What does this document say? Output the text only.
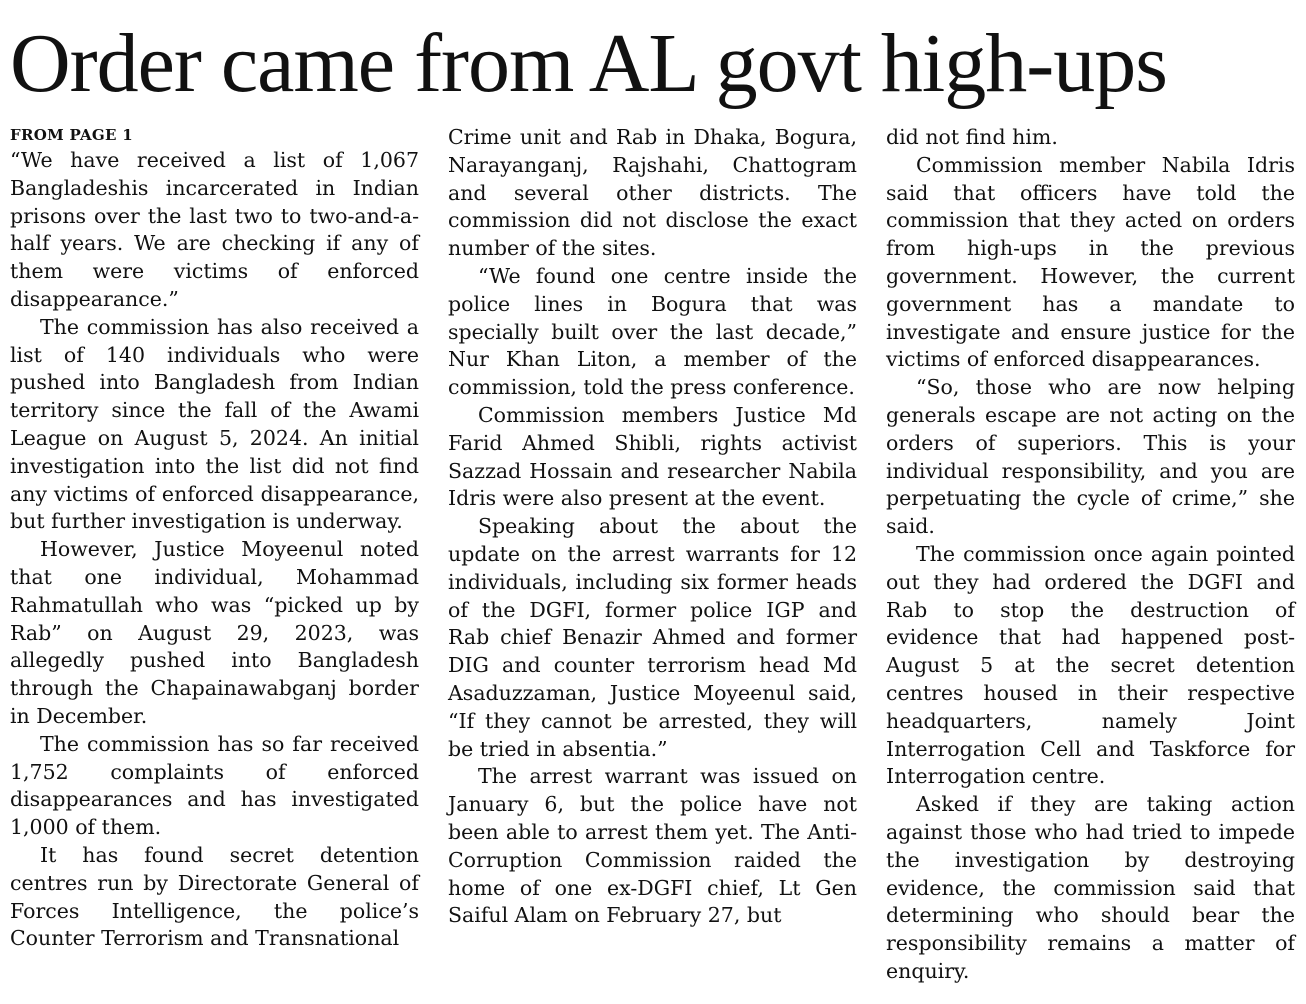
Order came from AL govt high-ups
FROM PAGE 1

“We have received a list of 1,067 Bangladeshis incarcerated in Indian prisons over the last two to two-and-a-half years. We are checking if any of them were victims of enforced disappearance.”

The commission has also received a list of 140 individuals who were pushed into Bangladesh from Indian territory since the fall of the Awami League on August 5, 2024. An initial investigation into the list did not find any victims of enforced disappearance, but further investigation is underway.

However, Justice Moyeenul noted that one individual, Mohammad Rahmatullah who was “picked up by Rab” on August 29, 2023, was allegedly pushed into Bangladesh through the Chapainawabganj border in December.

The commission has so far received 1,752 complaints of enforced disappearances and has investigated 1,000 of them.

It has found secret detention centres run by Directorate General of Forces Intelligence, the police’s Counter Terrorism and Transnational

Crime unit and Rab in Dhaka, Bogura, Narayanganj, Rajshahi, Chattogram and several other districts. The commission did not disclose the exact number of the sites.

“We found one centre inside the police lines in Bogura that was specially built over the last decade,” Nur Khan Liton, a member of the commission, told the press conference.

Commission members Justice Md Farid Ahmed Shibli, rights activist Sazzad Hossain and researcher Nabila Idris were also present at the event.

Speaking about the about the update on the arrest warrants for 12 individuals, including six former heads of the DGFI, former police IGP and Rab chief Benazir Ahmed and former DIG and counter terrorism head Md Asaduzzaman, Justice Moyeenul said, “If they cannot be arrested, they will be tried in absentia.”

The arrest warrant was issued on January 6, but the police have not been able to arrest them yet. The Anti-Corruption Commission raided the home of one ex-DGFI chief, Lt Gen Saiful Alam on February 27, but

did not find him.

Commission member Nabila Idris said that officers have told the commission that they acted on orders from high-ups in the previous government. However, the current government has a mandate to investigate and ensure justice for the victims of enforced disappearances.

“So, those who are now helping generals escape are not acting on the orders of superiors. This is your individual responsibility, and you are perpetuating the cycle of crime,” she said.

The commission once again pointed out they had ordered the DGFI and Rab to stop the destruction of evidence that had happened post-August 5 at the secret detention centres housed in their respective headquarters, namely Joint Interrogation Cell and Taskforce for Interrogation centre.

Asked if they are taking action against those who had tried to impede the investigation by destroying evidence, the commission said that determining who should bear the responsibility remains a matter of enquiry.
